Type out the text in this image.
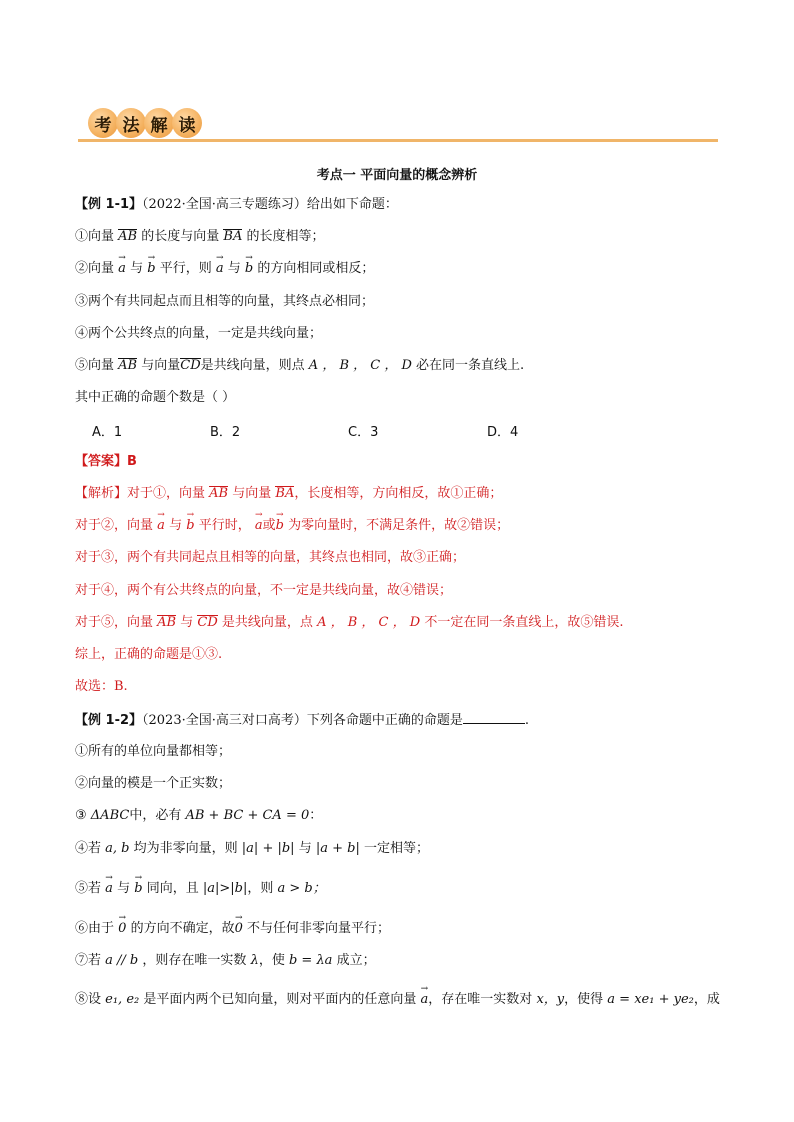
考 法 解 读
考点一 平面向量的概念辨析
【例 1-1】（2022·全国·高三专题练习）给出如下命题：
①向量 AB 的长度与向量 BA 的长度相等；
②向量 → a 与 → b 平行，则 → a 与 → b 的方向相同或相反；
③两个有共同起点而且相等的向量，其终点必相同；
④两个公共终点的向量，一定是共线向量；
⑤向量 AB 与向量CD是共线向量，则点 A ， B ， C ， D 必在同一条直线上.
其中正确的命题个数是（ ）
A．1	B．2	C．3	D．4
【答案】B
【解析】对于①，向量 AB 与向量 BA，长度相等，方向相反，故①正确；
对于②，向量 → a 与 → b 平行时， → a或→ b 为零向量时，不满足条件，故②错误；
对于③，两个有共同起点且相等的向量，其终点也相同，故③正确；
对于④，两个有公共终点的向量，不一定是共线向量，故④错误；
对于⑤，向量 AB 与 CD 是共线向量，点 A ， B ， C ， D 不一定在同一条直线上，故⑤错误.
综上，正确的命题是①③.
故选：B.
【例 1-2】（2023·全国·高三对口高考）下列各命题中正确的命题是	.
①所有的单位向量都相等；
②向量的模是一个正实数；
③ ΔABC中，必有 AB + BC + CA = 0：
④若 a, b 均为非零向量，则 |a| + |b| 与 |a + b| 一定相等；
⑤若 → a 与 → b 同向，且 |a|>|b|，则 a > b；
⑥由于 → 0 的方向不确定，故→ 0 不与任何非零向量平行；
⑦若 a // b ，则存在唯一实数 λ，使 b = λa 成立；
⑧设 e₁, e₂ 是平面内两个已知向量，则对平面内的任意向量 → a，存在唯一实数对 x，y，使得 a = xe₁ + ye₂，成
